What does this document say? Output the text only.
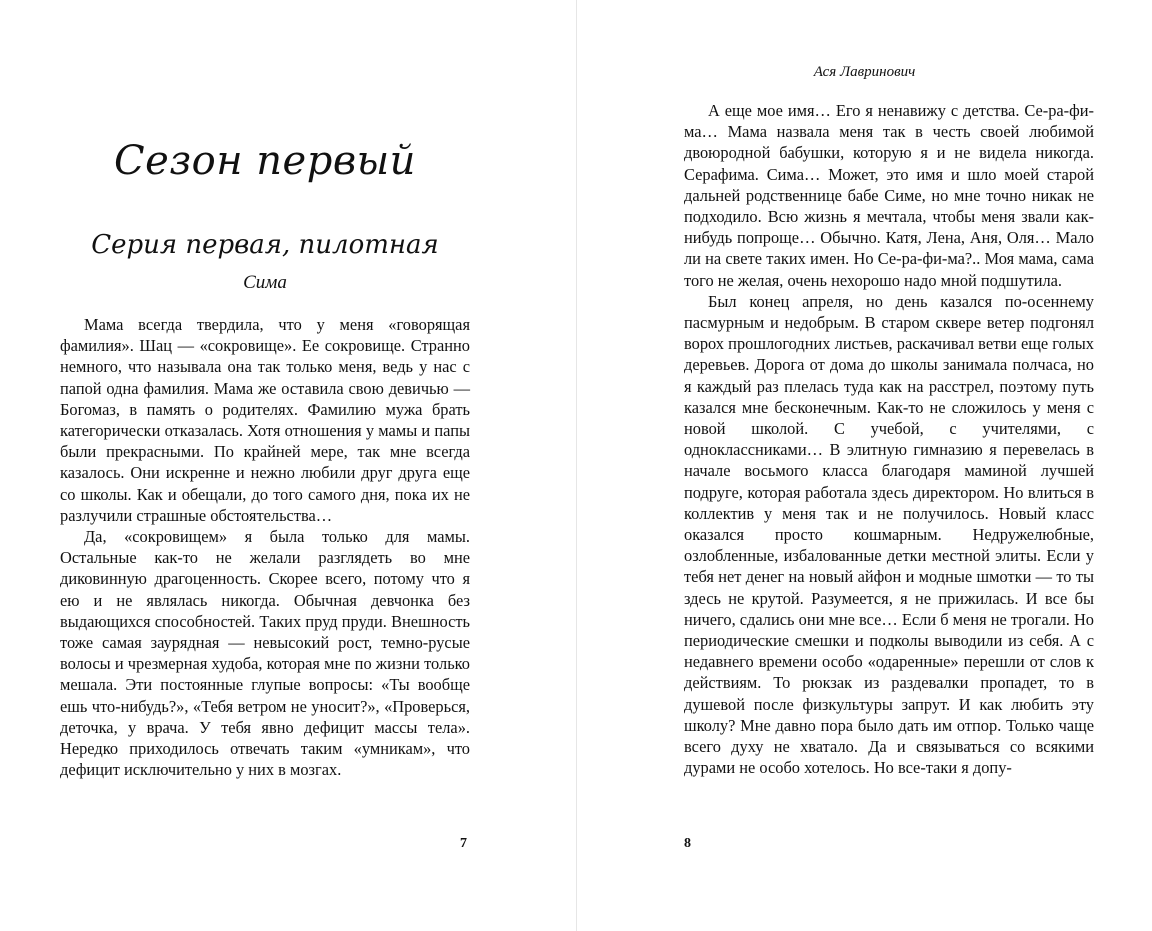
Сезон первый
Серия первая, пилотная
Сима

Мама всегда твердила, что у меня «говорящая фамилия». Шац — «сокровище». Ее сокровище. Странно немного, что называла она так только меня, ведь у нас с папой одна фамилия. Мама же оставила свою девичью — Богомаз, в память о родителях. Фамилию мужа брать категорически отказалась. Хотя отношения у мамы и папы были прекрасными. По крайней мере, так мне всегда казалось. Они искренне и нежно любили друг друга еще со школы. Как и обещали, до того самого дня, пока их не разлучили страшные обстоятельства…

Да, «сокровищем» я была только для мамы. Остальные как-то не желали разглядеть во мне диковинную драгоценность. Скорее всего, потому что я ею и не являлась никогда. Обычная девчонка без выдающихся способностей. Таких пруд пруди. Внешность тоже самая заурядная — невысокий рост, темно-русые волосы и чрезмерная худоба, которая мне по жизни только мешала. Эти постоянные глупые вопросы: «Ты вообще ешь что-нибудь?», «Тебя ветром не уносит?», «Проверься, деточка, у врача. У тебя явно дефицит массы тела». Нередко приходилось отвечать таким «умникам», что дефицит исключительно у них в мозгах.

7
Ася Лавринович

А еще мое имя… Его я ненавижу с детства. Се-ра-фи-ма… Мама назвала меня так в честь своей любимой двоюродной бабушки, которую я и не видела никогда. Серафима. Сима… Может, это имя и шло моей старой дальней родственнице бабе Симе, но мне точно никак не подходило. Всю жизнь я мечтала, чтобы меня звали как-нибудь попроще… Обычно. Катя, Лена, Аня, Оля… Мало ли на свете таких имен. Но Се-ра-фи-ма?.. Моя мама, сама того не желая, очень нехорошо надо мной подшутила.

Был конец апреля, но день казался по-осеннему пасмурным и недобрым. В старом сквере ветер подгонял ворох прошлогодних листьев, раскачивал ветви еще голых деревьев. Дорога от дома до школы занимала полчаса, но я каждый раз плелась туда как на расстрел, поэтому путь казался мне бесконечным. Как-то не сложилось у меня с новой школой. С учебой, с учителями, с одноклассниками… В элитную гимназию я перевелась в начале восьмого класса благодаря маминой лучшей подруге, которая работала здесь директором. Но влиться в коллектив у меня так и не получилось. Новый класс оказался просто кошмарным. Недружелюбные, озлобленные, избалованные детки местной элиты. Если у тебя нет денег на новый айфон и модные шмотки — то ты здесь не крутой. Разумеется, я не прижилась. И все бы ничего, сдались они мне все… Если б меня не трогали. Но периодические смешки и подколы выводили из себя. А с недавнего времени особо «одаренные» перешли от слов к действиям. То рюкзак из раздевалки пропадет, то в душевой после физкультуры запрут. И как любить эту школу? Мне давно пора было дать им отпор. Только чаще всего духу не хватало. Да и связываться со всякими дурами не особо хотелось. Но все-таки я допу-

8
